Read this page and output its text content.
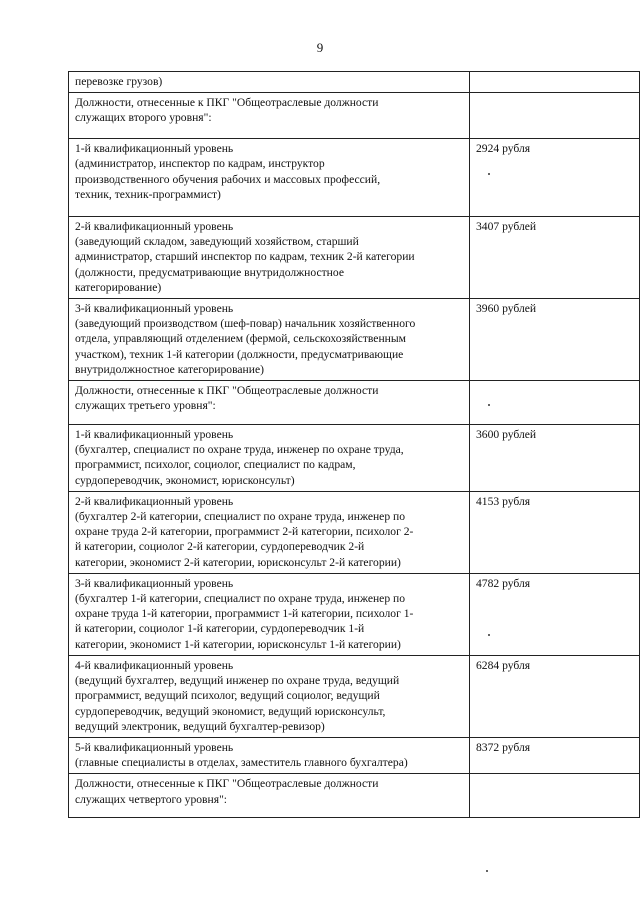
9
перевозке грузов)	
Должности, отнесенные к ПКГ "Общеотраслевые должности
служащих второго уровня":	
1-й квалификационный уровень
(администратор, инспектор по кадрам, инструктор
производственного обучения рабочих и массовых профессий,
техник, техник-программист)	2924 рубля
2-й квалификационный уровень
(заведующий складом, заведующий хозяйством, старший
администратор, старший инспектор по кадрам, техник 2-й категории
(должности, предусматривающие внутридолжностное
категорирование)	3407 рублей
3-й квалификационный уровень
(заведующий производством (шеф-повар) начальник хозяйственного
отдела, управляющий отделением (фермой, сельскохозяйственным
участком), техник 1-й категории (должности, предусматривающие
внутридолжностное категорирование)	3960 рублей
Должности, отнесенные к ПКГ "Общеотраслевые должности
служащих третьего уровня":	
1-й квалификационный уровень
(бухгалтер, специалист по охране труда, инженер по охране труда,
программист, психолог, социолог, специалист по кадрам,
сурдопереводчик, экономист, юрисконсульт)	3600 рублей
2-й квалификационный уровень
(бухгалтер 2-й категории, специалист по охране труда, инженер по
охране труда 2-й категории, программист 2-й категории, психолог 2-
й категории, социолог 2-й категории, сурдопереводчик 2-й
категории, экономист 2-й категории, юрисконсульт 2-й категории)	4153 рубля
3-й квалификационный уровень
(бухгалтер 1-й категории, специалист по охране труда, инженер по
охране труда 1-й категории, программист 1-й категории, психолог 1-
й категории, социолог 1-й категории, сурдопереводчик 1-й
категории, экономист 1-й категории, юрисконсульт 1-й категории)	4782 рубля
4-й квалификационный уровень
(ведущий бухгалтер, ведущий инженер по охране труда, ведущий
программист, ведущий психолог, ведущий социолог, ведущий
сурдопереводчик, ведущий экономист, ведущий юрисконсульт,
ведущий электроник, ведущий бухгалтер-ревизор)	6284 рубля
5-й квалификационный уровень
(главные специалисты в отделах, заместитель главного бухгалтера)	8372 рубля
Должности, отнесенные к ПКГ "Общеотраслевые должности
служащих четвертого уровня":	
